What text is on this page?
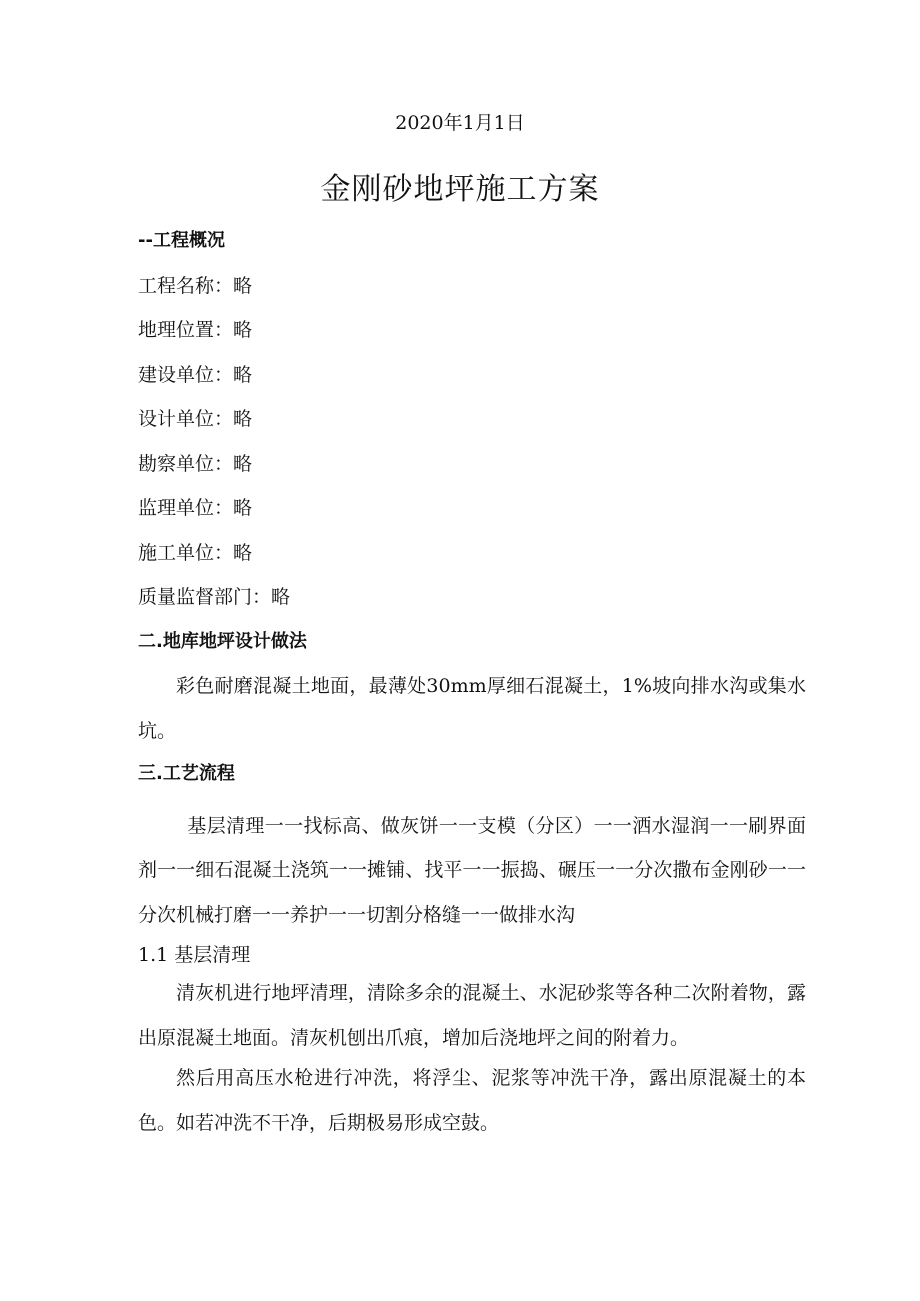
2020年1月1日
金刚砂地坪施工方案
--工程概况
工程名称：略
地理位置：略
建设单位：略
设计单位：略
勘察单位：略
监理单位：略
施工单位：略
质量监督部门：略
二.地库地坪设计做法
彩色耐磨混凝土地面，最薄处30mm厚细石混凝土，1%坡向排水沟或集水坑。
三.工艺流程
基层清理一一找标高、做灰饼一一支模（分区）一一洒水湿润一一刷界面剂一一细石混凝土浇筑一一摊铺、找平一一振捣、碾压一一分次撒布金刚砂一一分次机械打磨一一养护一一切割分格缝一一做排水沟
1.1 基层清理
清灰机进行地坪清理，清除多余的混凝土、水泥砂浆等各种二次附着物，露出原混凝土地面。清灰机刨出爪痕，增加后浇地坪之间的附着力。
然后用高压水枪进行冲洗，将浮尘、泥浆等冲洗干净，露出原混凝土的本色。如若冲洗不干净，后期极易形成空鼓。
